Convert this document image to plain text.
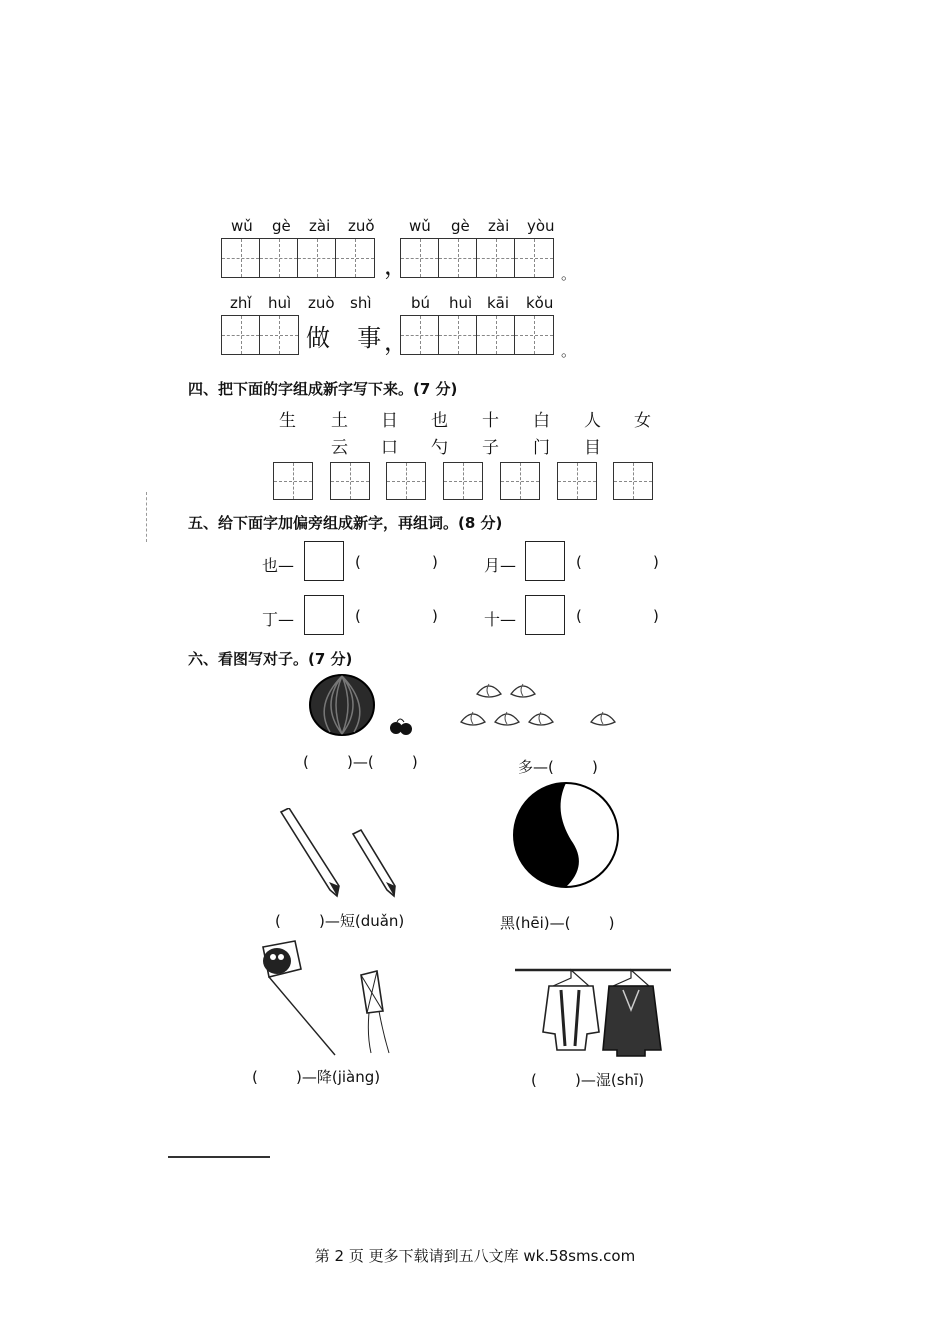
wǔ gè zài zuǒ wǔ gè zài yòu
，	。
zhǐ huì zuò shì	bú huì kāi kǒu
做  事
，	。
四、把下面的字组成新字写下来。(7 分)
生 土 日 也 十 白 人 女
云 口 勺 子 门 目
五、给下面字加偏旁组成新字，再组词。(8 分)
也—	(	)	月—	(	)
丁—	(	)	十—	(	)
六、看图写对子。(7 分)
(        )—(        )	多—(        )
(        )—短(duǎn)	黑(hēi)—(        )
(        )—降(jiàng)	(        )—湿(shī)
第 2 页 更多下载请到五八文库 wk.58sms.com
